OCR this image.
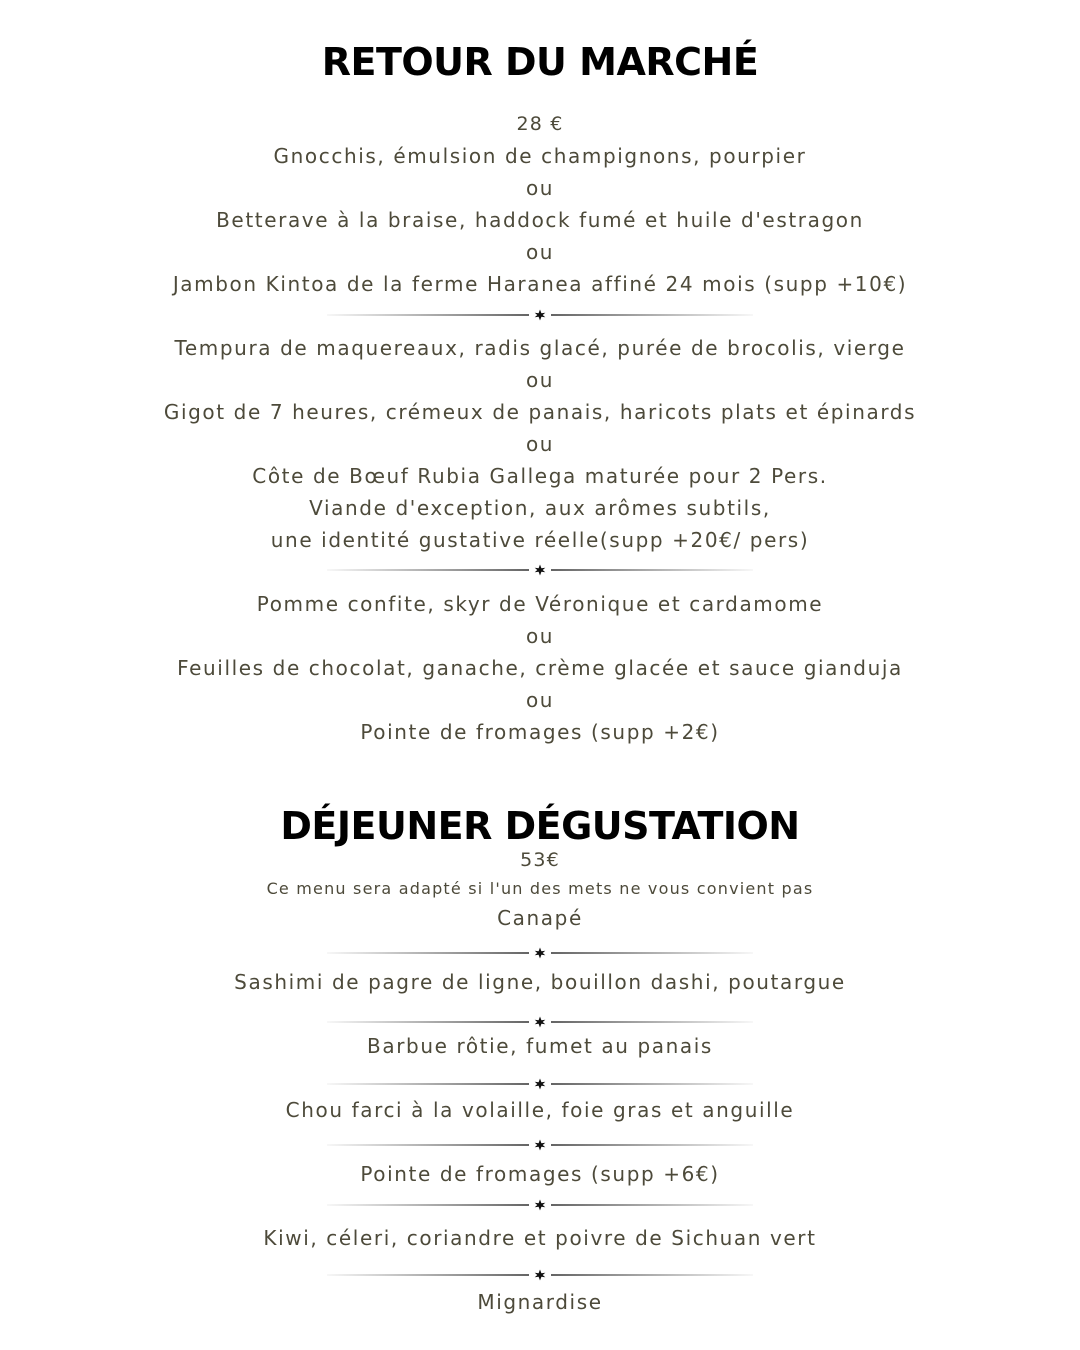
RETOUR DU MARCHÉ
28 €
Gnocchis, émulsion de champignons, pourpier
ou
Betterave à la braise, haddock fumé et huile d'estragon
ou
Jambon Kintoa de la ferme Haranea affiné 24 mois (supp +10€)
Tempura de maquereaux, radis glacé, purée de brocolis, vierge
ou
Gigot de 7 heures, crémeux de panais, haricots plats et épinards
ou
Côte de Bœuf Rubia Gallega maturée pour 2 Pers.
Viande d'exception, aux arômes subtils,
une identité gustative réelle(supp +20€/ pers)
Pomme confite, skyr de Véronique et cardamome
ou
Feuilles de chocolat, ganache, crème glacée et sauce gianduja
ou
Pointe de fromages (supp +2€)
DÉJEUNER DÉGUSTATION
53€
Ce menu sera adapté si l'un des mets ne vous convient pas
Canapé
Sashimi de pagre de ligne, bouillon dashi, poutargue
Barbue rôtie, fumet au panais
Chou farci à la volaille, foie gras et anguille
Pointe de fromages (supp +6€)
Kiwi, céleri, coriandre et poivre de Sichuan vert
Mignardise
